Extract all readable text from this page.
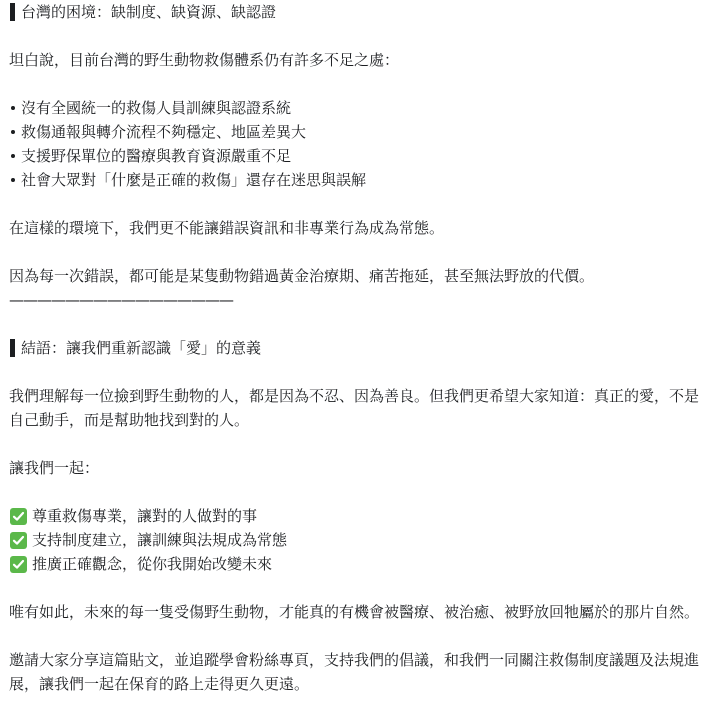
台灣的困境：缺制度、缺資源、缺認證

坦白說，目前台灣的野生動物救傷體系仍有許多不足之處：

沒有全國統一的救傷人員訓練與認證系統
救傷通報與轉介流程不夠穩定、地區差異大
支援野保單位的醫療與教育資源嚴重不足
社會大眾對「什麼是正確的救傷」還存在迷思與誤解

在這樣的環境下，我們更不能讓錯誤資訊和非專業行為成為常態。

因為每一次錯誤，都可能是某隻動物錯過黃金治療期、痛苦拖延，甚至無法野放的代價。

————————————————

結語：讓我們重新認識「愛」的意義

我們理解每一位撿到野生動物的人，都是因為不忍、因為善良。但我們更希望大家知道：真正的愛，不是自己動手，而是幫助牠找到對的人。

讓我們一起：

尊重救傷專業，讓對的人做對的事
支持制度建立，讓訓練與法規成為常態
推廣正確觀念，從你我開始改變未來

唯有如此，未來的每一隻受傷野生動物，才能真的有機會被醫療、被治癒、被野放回牠屬於的那片自然。

邀請大家分享這篇貼文，並追蹤學會粉絲專頁，支持我們的倡議，和我們一同關注救傷制度議題及法規進展，讓我們一起在保育的路上走得更久更遠。
